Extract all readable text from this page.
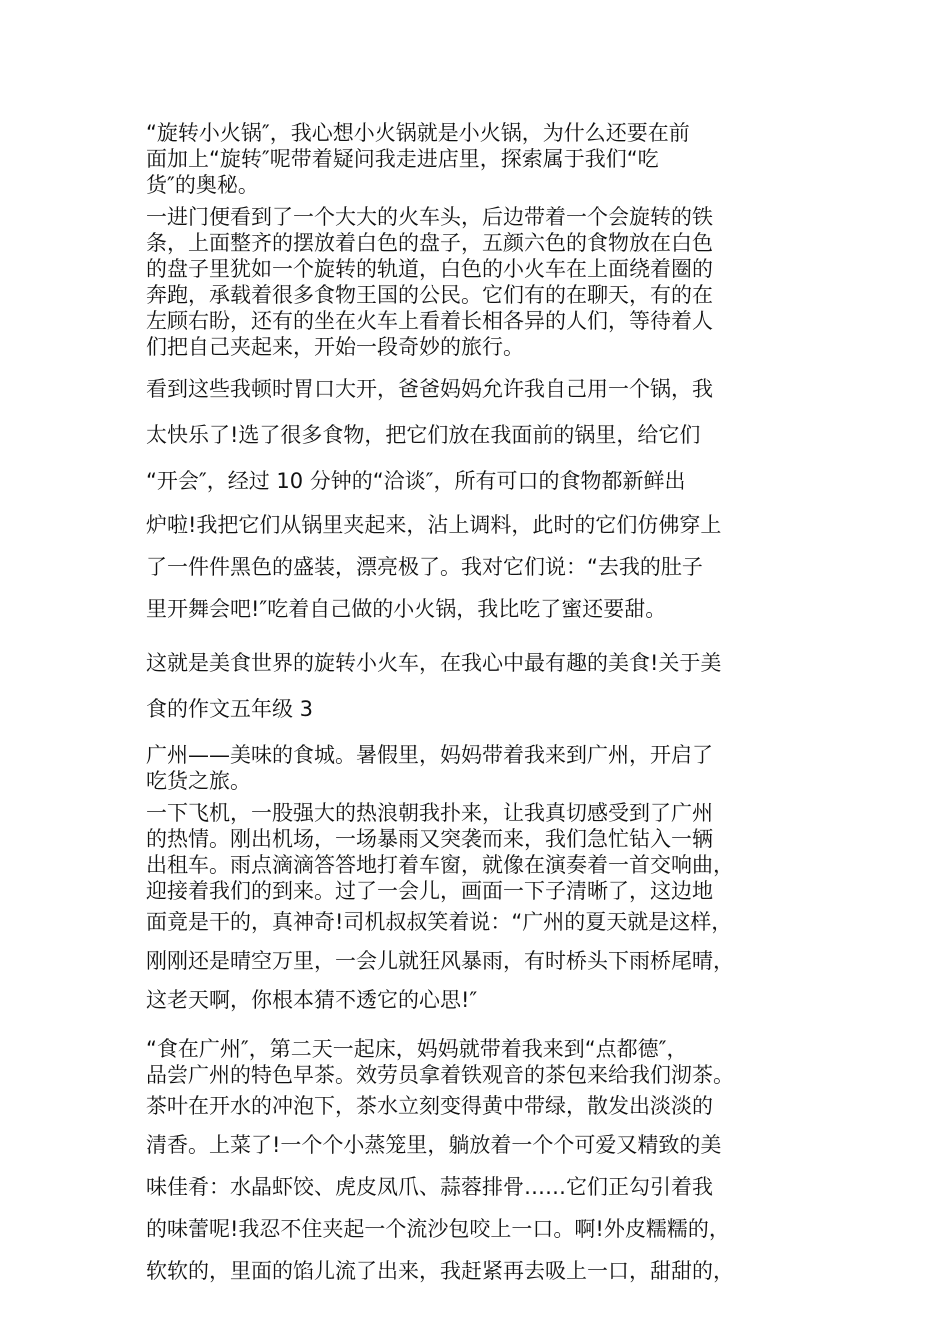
“旋转小火锅″，我心想小火锅就是小火锅，为什么还要在前
面加上“旋转″呢带着疑问我走进店里，探索属于我们“吃
货″的奥秘。
一进门便看到了一个大大的火车头，后边带着一个会旋转的铁
条，上面整齐的摆放着白色的盘子，五颜六色的食物放在白色
的盘子里犹如一个旋转的轨道，白色的小火车在上面绕着圈的
奔跑，承载着很多食物王国的公民。它们有的在聊天，有的在
左顾右盼，还有的坐在火车上看着长相各异的人们，等待着人
们把自己夹起来，开始一段奇妙的旅行。
看到这些我顿时胃口大开，爸爸妈妈允许我自己用一个锅，我
太快乐了!选了很多食物，把它们放在我面前的锅里，给它们
“开会″，经过 10 分钟的“洽谈″，所有可口的食物都新鲜出
炉啦!我把它们从锅里夹起来，沾上调料，此时的它们仿佛穿上
了一件件黑色的盛装，漂亮极了。我对它们说：“去我的肚子
里开舞会吧!″吃着自己做的小火锅，我比吃了蜜还要甜。
这就是美食世界的旋转小火车，在我心中最有趣的美食!关于美
食的作文五年级 3
广州——美味的食城。暑假里，妈妈带着我来到广州，开启了
吃货之旅。
一下飞机，一股强大的热浪朝我扑来，让我真切感受到了广州
的热情。刚出机场，一场暴雨又突袭而来，我们急忙钻入一辆
出租车。雨点滴滴答答地打着车窗，就像在演奏着一首交响曲，
迎接着我们的到来。过了一会儿，画面一下子清晰了，这边地
面竟是干的，真神奇!司机叔叔笑着说：“广州的夏天就是这样，
刚刚还是晴空万里，一会儿就狂风暴雨，有时桥头下雨桥尾晴，
这老天啊，你根本猜不透它的心思!″
“食在广州″，第二天一起床，妈妈就带着我来到“点都德″，
品尝广州的特色早茶。效劳员拿着铁观音的茶包来给我们沏茶。
茶叶在开水的冲泡下，茶水立刻变得黄中带绿，散发出淡淡的
清香。上菜了!一个个小蒸笼里，躺放着一个个可爱又精致的美
味佳肴：水晶虾饺、虎皮凤爪、蒜蓉排骨……它们正勾引着我
的味蕾呢!我忍不住夹起一个流沙包咬上一口。啊!外皮糯糯的，
软软的，里面的馅儿流了出来，我赶紧再去吸上一口，甜甜的，
